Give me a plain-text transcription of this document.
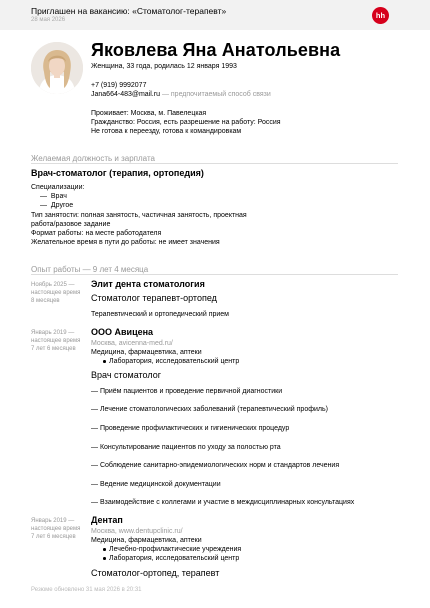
Приглашен на вакансию: «Стоматолог-терапевт»
28 мая 2026	hh
Яковлева Яна Анатольевна
Женщина, 33 года, родилась 12 января 1993
+7 (919) 9992077
Jana664-483@mail.ru — предпочитаемый способ связи
Проживает: Москва, м. Павелецкая
Гражданство: Россия, есть разрешение на работу: Россия
Не готова к переезду, готова к командировкам
Желаемая должность и зарплата
Врач-стоматолог (терапия, ортопедия)
Специализации:
—  Врач
—  Другое
Тип занятости: полная занятость, частичная занятость, проектная
работа/разовое задание
Формат работы: на месте работодателя
Желательное время в пути до работы: не имеет значения
Опыт работы — 9 лет 4 месяца
Ноябрь 2025 —
настоящее время
8 месяцев
Элит дента стоматология
Стоматолог терапевт-ортопед
Терапевтический и ортопедический прием
Январь 2019 —
настоящее время
7 лет 6 месяцев
ООО Авицена
Москва, avicenna-med.ru/
Медицина, фармацевтика, аптеки
Лаборатория, исследовательский центр
Врач стоматолог
— Приём пациентов и проведение первичной диагностики
— Лечение стоматологических заболеваний (терапевтический профиль)
— Проведение профилактических и гигиенических процедур
— Консультирование пациентов по уходу за полостью рта
— Соблюдение санитарно-эпидемиологических норм и стандартов лечения
— Ведение медицинской документации
— Взаимодействие с коллегами и участие в междисциплинарных консультациях
Январь 2019 —
настоящее время
7 лет 6 месяцев
Дентап
Москва, www.dentupclinic.ru/
Медицина, фармацевтика, аптеки
Лечебно-профилактические учреждения
Лаборатория, исследовательский центр
Стоматолог-ортопед, терапевт
Резюме обновлено 31 мая 2026 в 20:31
